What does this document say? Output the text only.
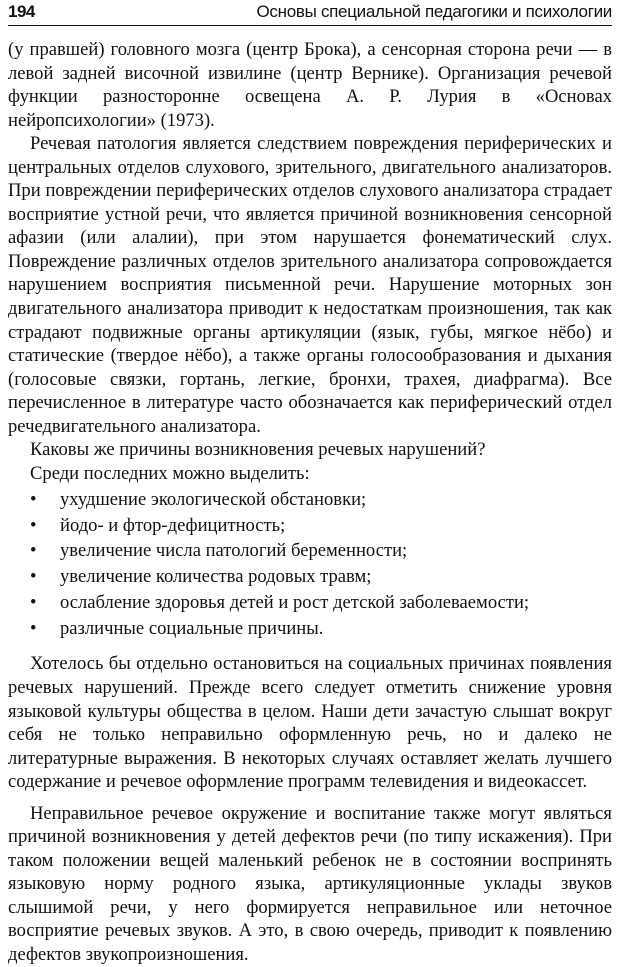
194	Основы специальной педагогики и психологии

(у правшей) головного мозга (центр Брока), а сенсорная сторона речи — в левой задней височной извилине (центр Вернике). Организация речевой функции разносторонне освещена А. Р. Лурия в «Основах нейропсихологии» (1973).

Речевая патология является следствием повреждения периферических и центральных отделов слухового, зрительного, двигательного анализаторов. При повреждении периферических отделов слухового анализатора страдает восприятие устной речи, что является причиной возникновения сенсорной афазии (или алалии), при этом нарушается фонематический слух. Повреждение различных отделов зрительного анализатора сопровождается нарушением восприятия письменной речи. Нарушение моторных зон двигательного анализатора приводит к недостаткам произношения, так как страдают подвижные органы артикуляции (язык, губы, мягкое нёбо) и статические (твердое нёбо), а также органы голосообразования и дыхания (голосовые связки, гортань, легкие, бронхи, трахея, диафрагма). Все перечисленное в литературе часто обозначается как периферический отдел речедвигательного анализатора.

Каковы же причины возникновения речевых нарушений?

Среди последних можно выделить:

• ухудшение экологической обстановки;
• йодо- и фтор-дефицитность;
• увеличение числа патологий беременности;
• увеличение количества родовых травм;
• ослабление здоровья детей и рост детской заболеваемости;
• различные социальные причины.

Хотелось бы отдельно остановиться на социальных причинах появления речевых нарушений. Прежде всего следует отметить снижение уровня языковой культуры общества в целом. Наши дети зачастую слышат вокруг себя не только неправильно оформленную речь, но и далеко не литературные выражения. В некоторых случаях оставляет желать лучшего содержание и речевое оформление программ телевидения и видеокассет.

Неправильное речевое окружение и воспитание также могут являться причиной возникновения у детей дефектов речи (по типу искажения). При таком положении вещей маленький ребенок не в состоянии воспринять языковую норму родного языка, артикуляционные уклады звуков слышимой речи, у него формируется неправильное или неточное восприятие речевых звуков. А это, в свою очередь, приводит к появлению дефектов звукопроизношения.
